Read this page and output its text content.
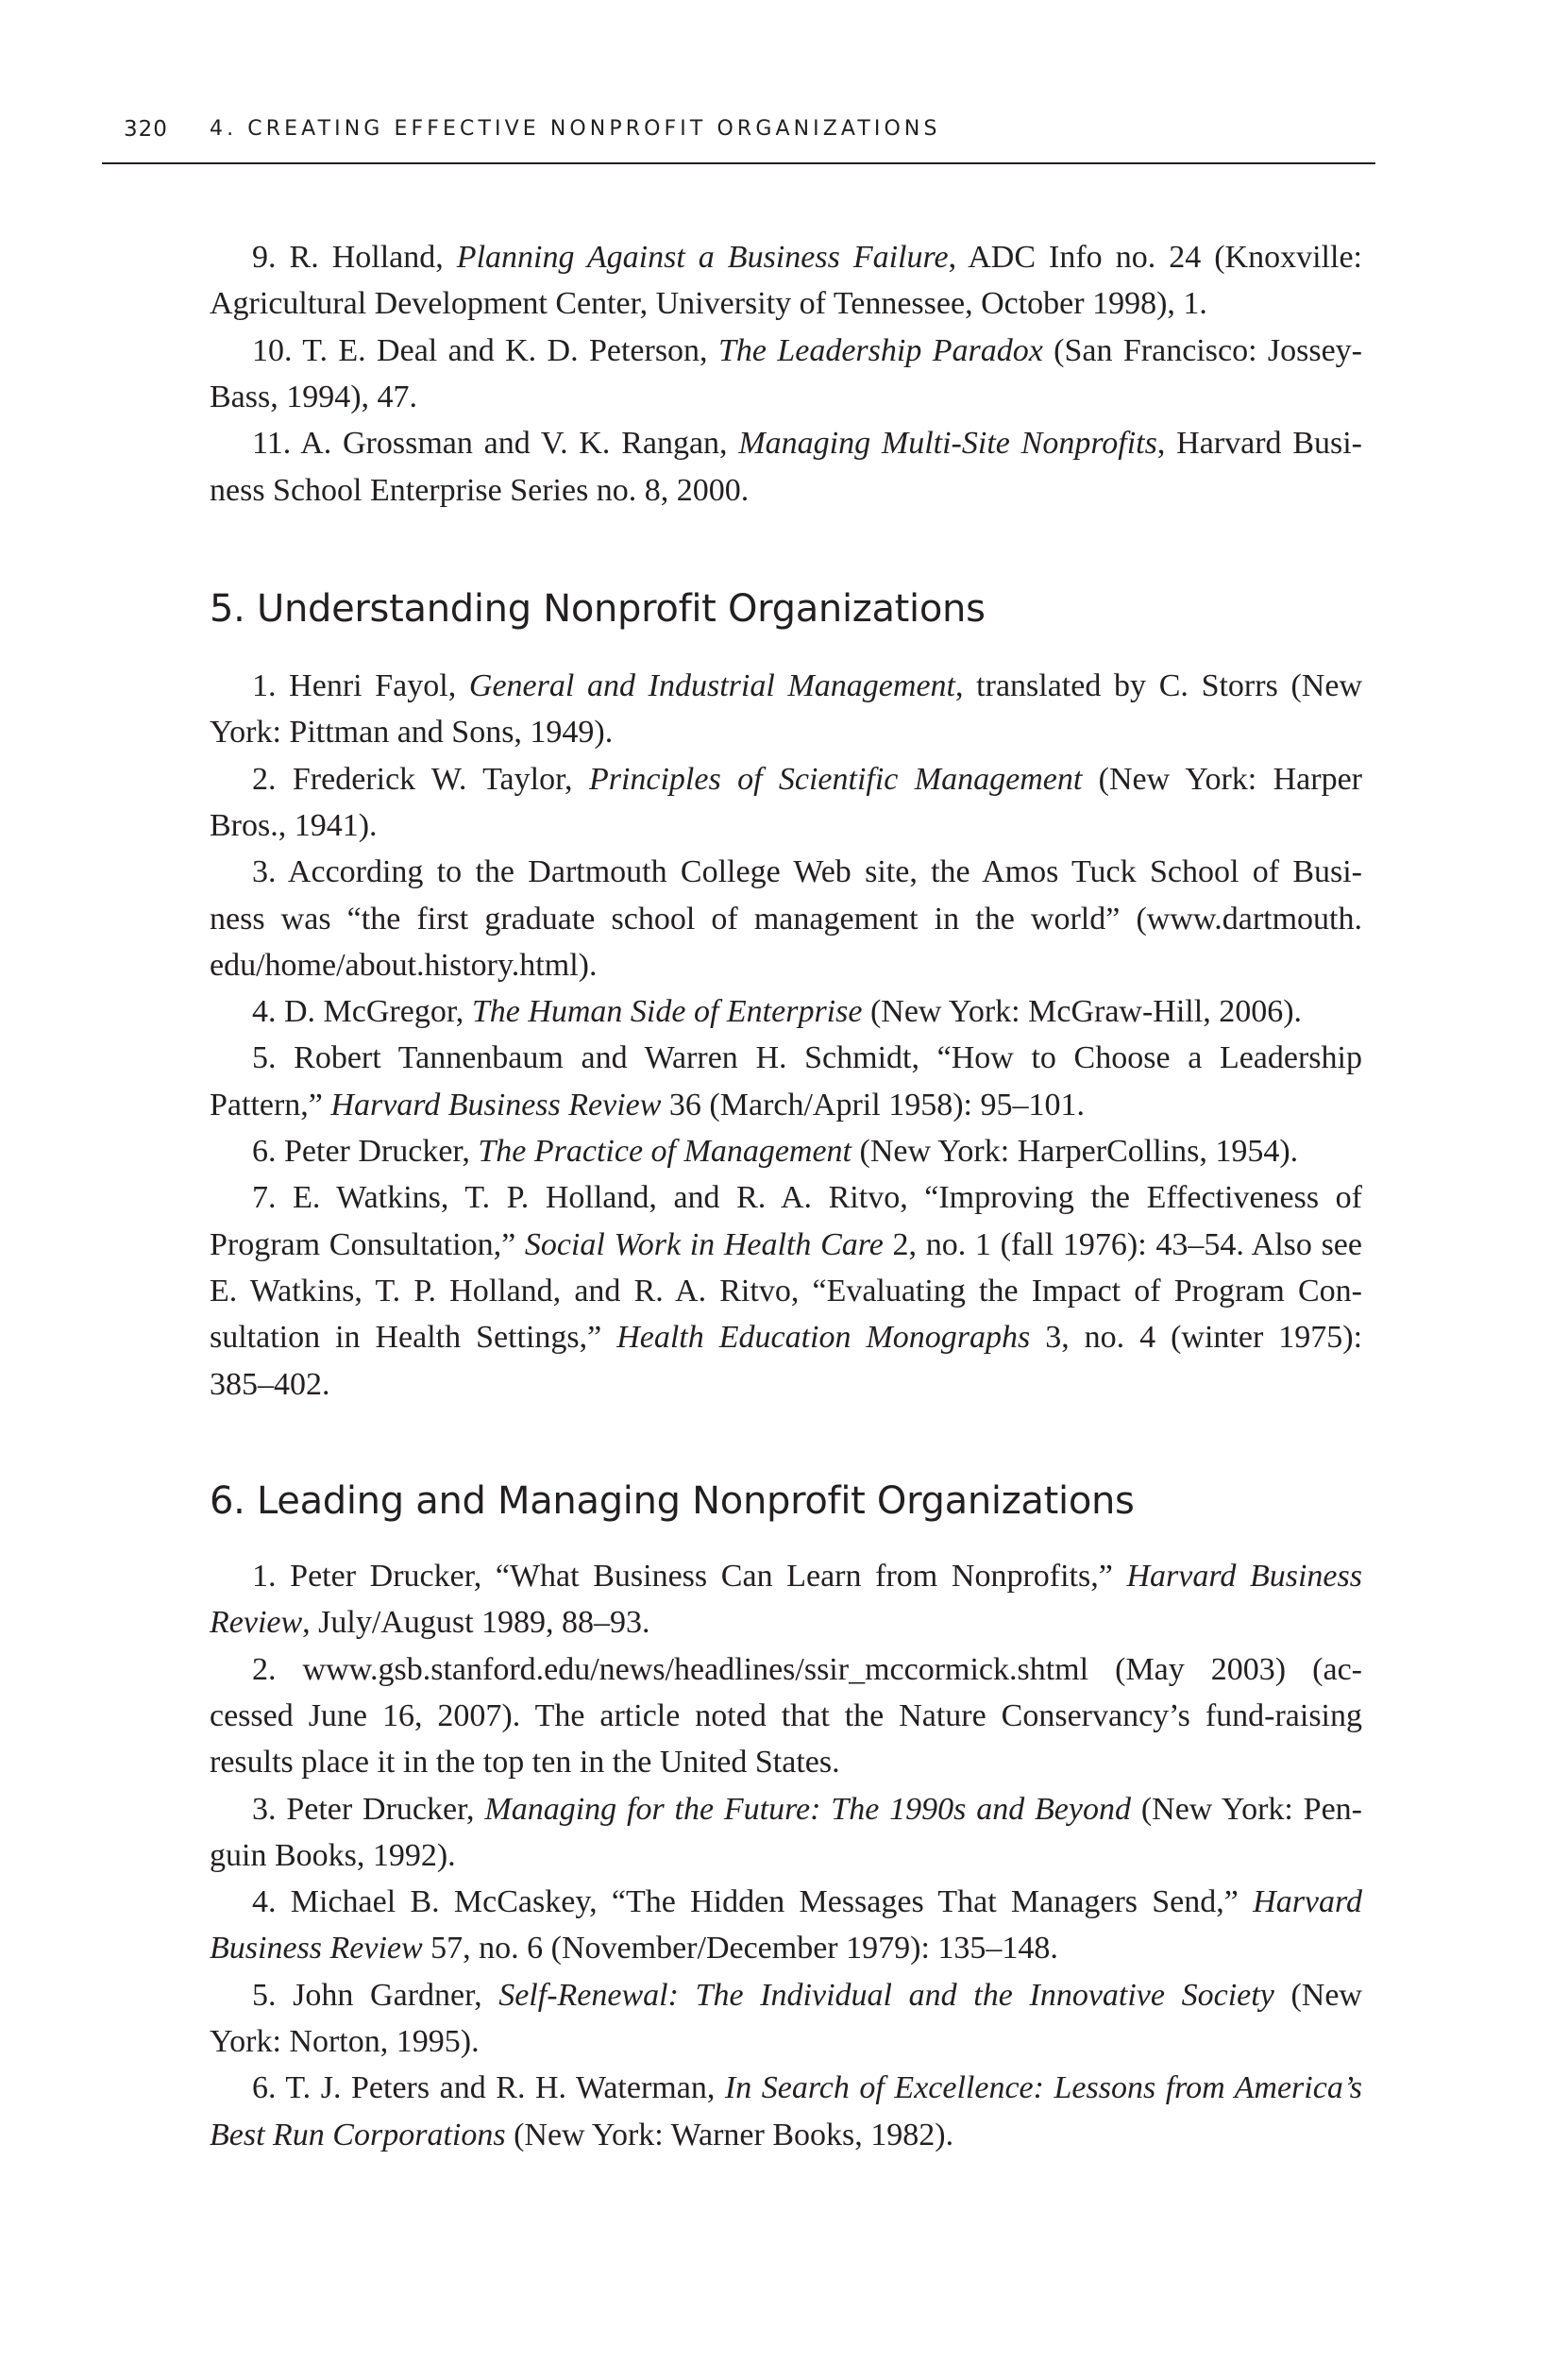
320 4. CREATING EFFECTIVE NONPROFIT ORGANIZATIONS
9. R. Holland, Planning Against a Business Failure, ADC Info no. 24 (Knoxville:
Agricultural Development Center, University of Tennessee, October 1998), 1.
10. T. E. Deal and K. D. Peterson, The Leadership Paradox (San Francisco: Jossey-
Bass, 1994), 47.
11. A. Grossman and V. K. Rangan, Managing Multi-Site Nonprofits, Harvard Busi-
ness School Enterprise Series no. 8, 2000.
5. Understanding Nonprofit Organizations
1. Henri Fayol, General and Industrial Management, translated by C. Storrs (New
York: Pittman and Sons, 1949).
2. Frederick W. Taylor, Principles of Scientific Management (New York: Harper
Bros., 1941).
3. According to the Dartmouth College Web site, the Amos Tuck School of Busi-
ness was “the first graduate school of management in the world” (www.dartmouth.
edu/home/about.history.html).
4. D. McGregor, The Human Side of Enterprise (New York: McGraw-Hill, 2006).
5. Robert Tannenbaum and Warren H. Schmidt, “How to Choose a Leadership
Pattern,” Harvard Business Review 36 (March/April 1958): 95–101.
6. Peter Drucker, The Practice of Management (New York: HarperCollins, 1954).
7. E. Watkins, T. P. Holland, and R. A. Ritvo, “Improving the Effectiveness of
Program Consultation,” Social Work in Health Care 2, no. 1 (fall 1976): 43–54. Also see
E. Watkins, T. P. Holland, and R. A. Ritvo, “Evaluating the Impact of Program Con-
sultation in Health Settings,” Health Education Monographs 3, no. 4 (winter 1975):
385–402.
6. Leading and Managing Nonprofit Organizations
1. Peter Drucker, “What Business Can Learn from Nonprofits,” Harvard Business
Review, July/August 1989, 88–93.
2. www.gsb.stanford.edu/news/headlines/ssir_mccormick.shtml (May 2003) (ac-
cessed June 16, 2007). The article noted that the Nature Conservancy’s fund-raising
results place it in the top ten in the United States.
3. Peter Drucker, Managing for the Future: The 1990s and Beyond (New York: Pen-
guin Books, 1992).
4. Michael B. McCaskey, “The Hidden Messages That Managers Send,” Harvard
Business Review 57, no. 6 (November/December 1979): 135–148.
5. John Gardner, Self-Renewal: The Individual and the Innovative Society (New
York: Norton, 1995).
6. T. J. Peters and R. H. Waterman, In Search of Excellence: Lessons from America’s
Best Run Corporations (New York: Warner Books, 1982).
